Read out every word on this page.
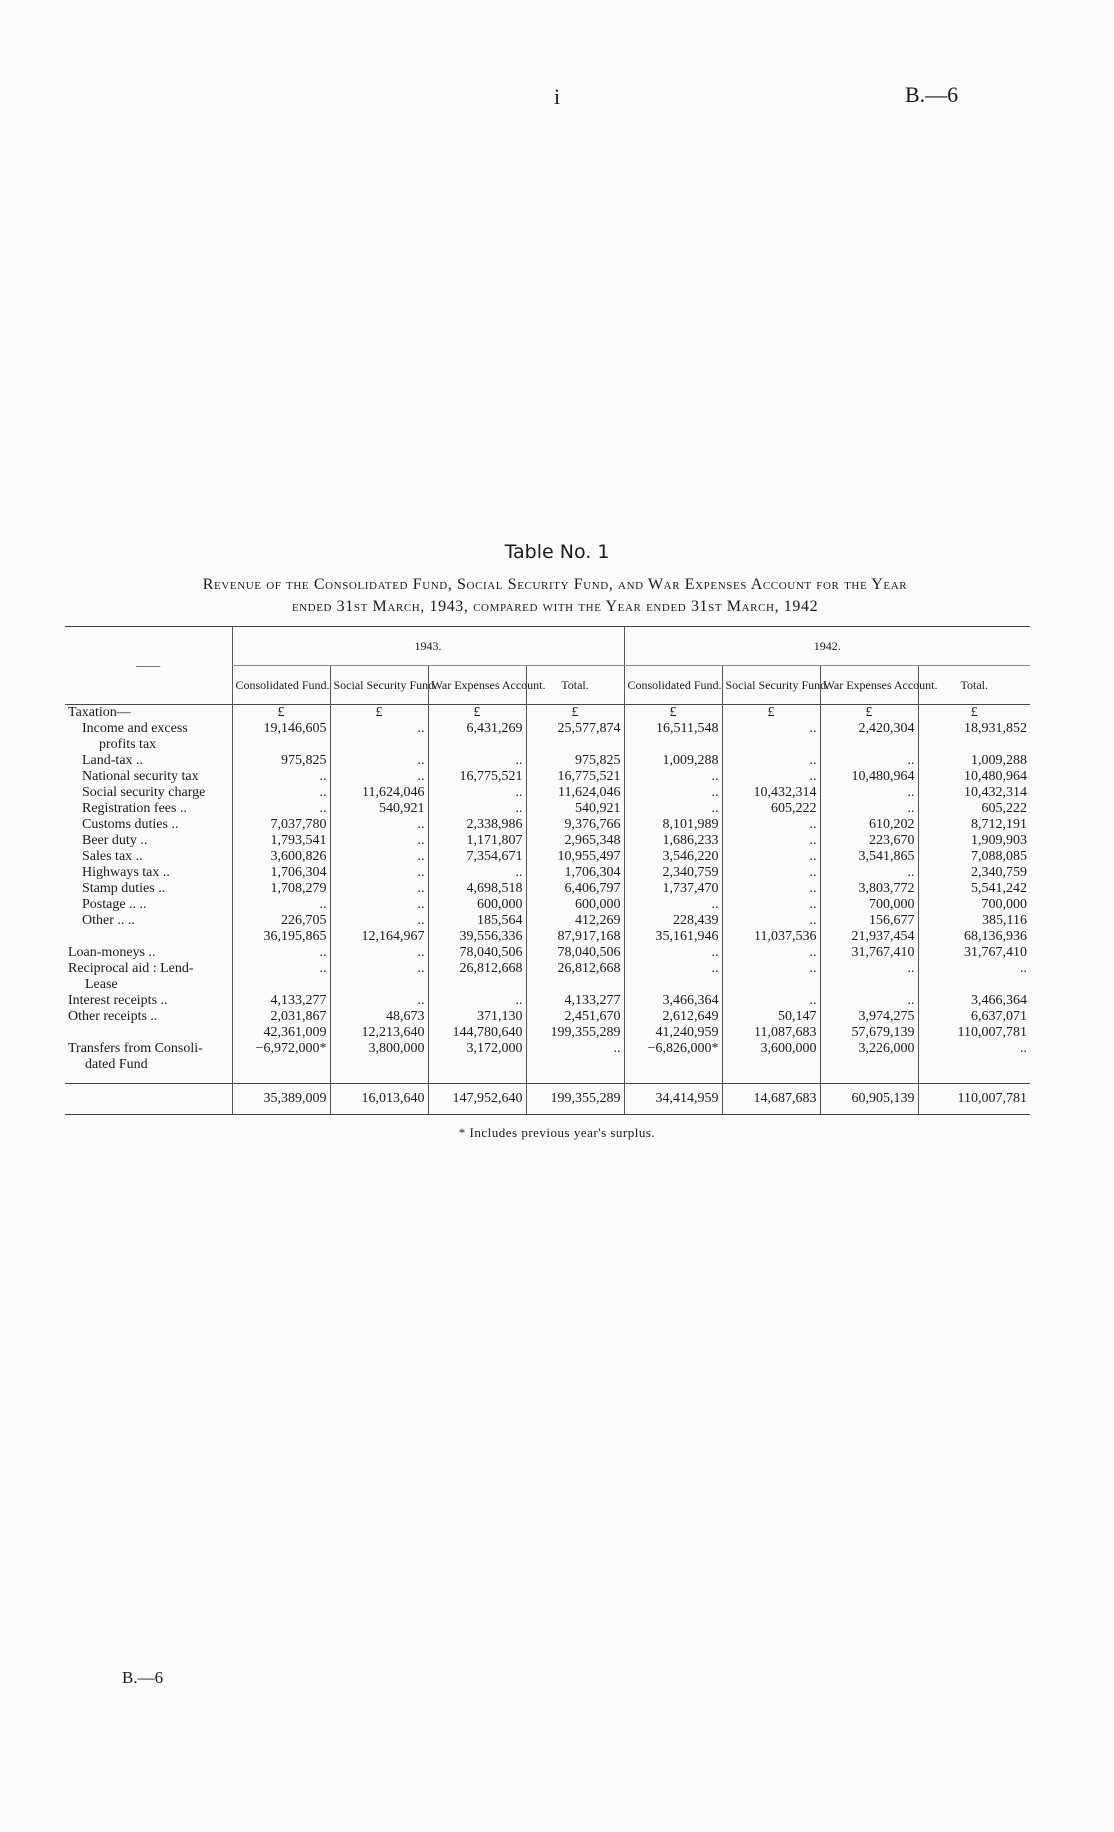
i	B.—6
Table No. 1
Revenue of the Consolidated Fund, Social Security Fund, and War Expenses Account for the Year
ended 31st March, 1943, compared with the Year ended 31st March, 1942
——	1943.				1942.			
	Consolidated Fund.	Social Security Fund.	War Expenses Account.	Total.	Consolidated Fund.	Social Security Fund.	War Expenses Account.	Total.
Taxation—	£	£	£	£	£	£	£	£

Income and excess
profits tax	19,146,605	..	6,431,269	25,577,874	16,511,548	..	2,420,304	18,931,852

Land-tax ..	975,825	..	..	975,825	1,009,288	..	..	1,009,288

National security tax	..	..	16,775,521	16,775,521	..	..	10,480,964	10,480,964

Social security charge	..	11,624,046	..	11,624,046	..	10,432,314	..	10,432,314

Registration fees ..	..	540,921	..	540,921	..	605,222	..	605,222

Customs duties ..	7,037,780	..	2,338,986	9,376,766	8,101,989	..	610,202	8,712,191

Beer duty ..	1,793,541	..	1,171,807	2,965,348	1,686,233	..	223,670	1,909,903

Sales tax ..	3,600,826	..	7,354,671	10,955,497	3,546,220	..	3,541,865	7,088,085

Highways tax ..	1,706,304	..	..	1,706,304	2,340,759	..	..	2,340,759

Stamp duties ..	1,708,279	..	4,698,518	6,406,797	1,737,470	..	3,803,772	5,541,242

Postage .. ..	..	..	600,000	600,000	..	..	700,000	700,000

Other .. ..	226,705	..	185,564	412,269	228,439	..	156,677	385,116
	36,195,865	12,164,967	39,556,336	87,917,168	35,161,946	11,037,536	21,937,454	68,136,936

Loan-moneys ..	..	..	78,040,506	78,040,506	..	..	31,767,410	31,767,410

Reciprocal aid : Lend-
Lease	..	..	26,812,668	26,812,668	..	..	..	..

Interest receipts ..	4,133,277	..	..	4,133,277	3,466,364	..	..	3,466,364

Other receipts ..	2,031,867	48,673	371,130	2,451,670	2,612,649	50,147	3,974,275	6,637,071
	42,361,009	12,213,640	144,780,640	199,355,289	41,240,959	11,087,683	57,679,139	110,007,781

Transfers from Consoli-
dated Fund	−6,972,000*	3,800,000	3,172,000	..	−6,826,000*	3,600,000	3,226,000	..

	35,389,009	16,013,640	147,952,640	199,355,289	34,414,959	14,687,683	60,905,139	110,007,781
* Includes previous year's surplus.
B.—6
